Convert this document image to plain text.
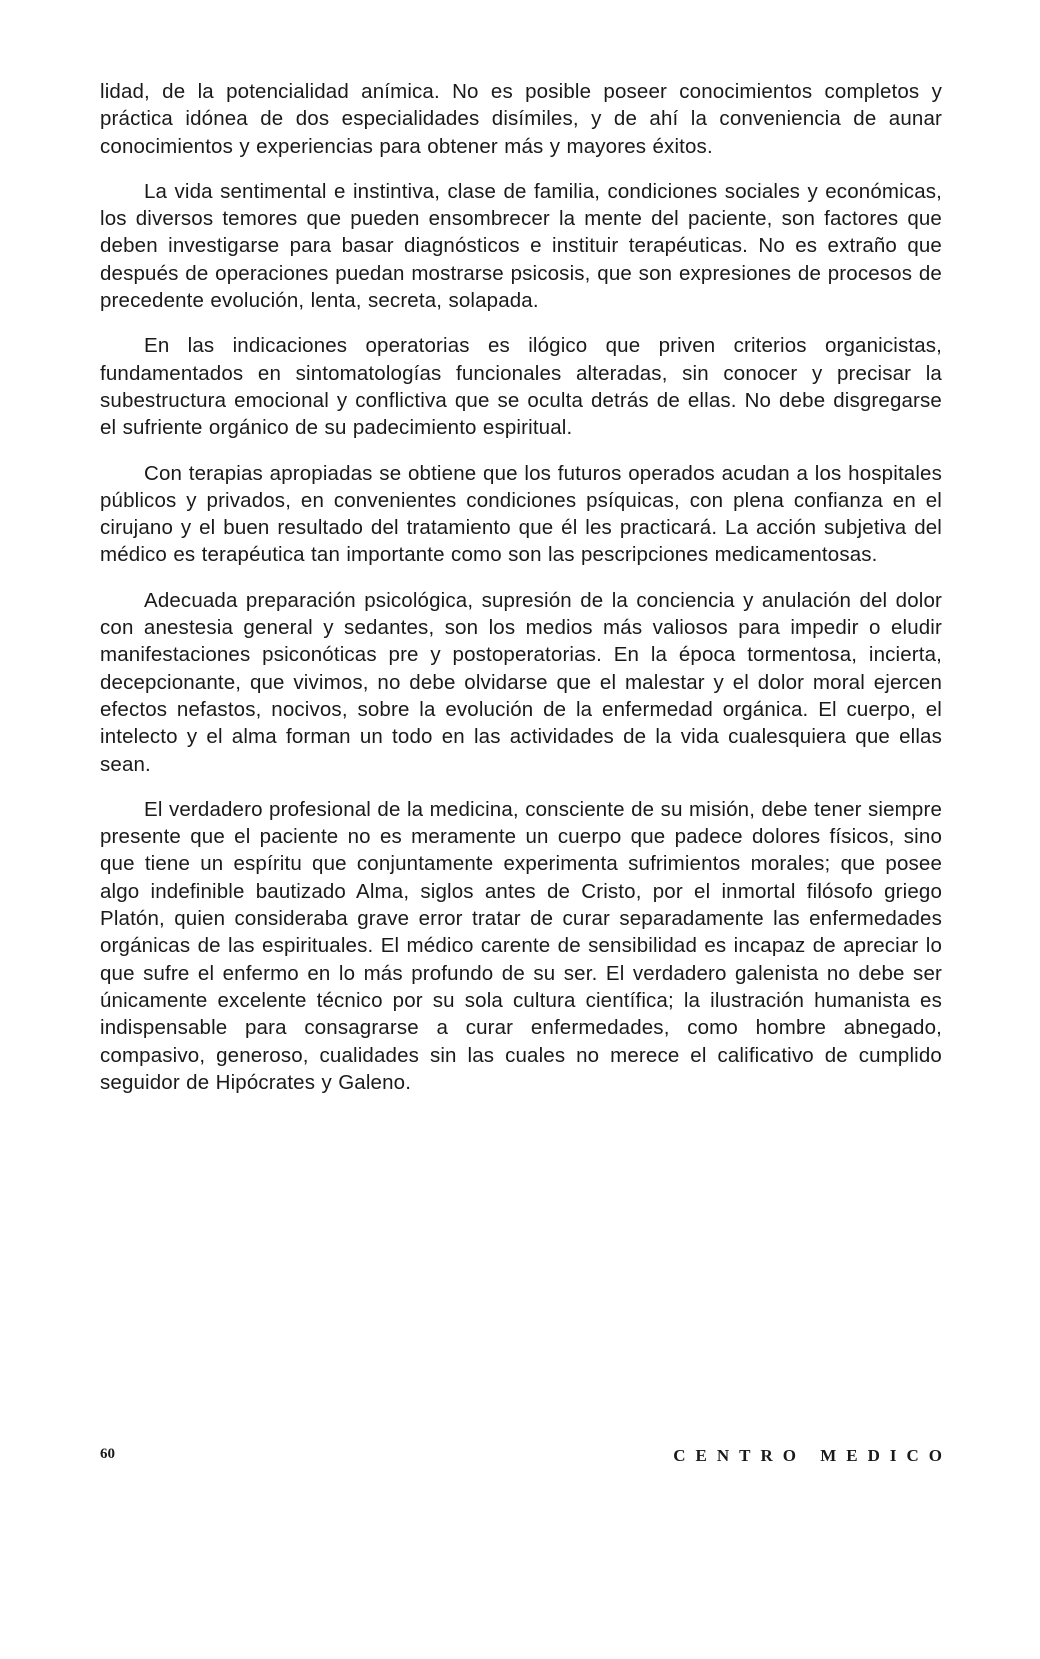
lidad, de la potencialidad anímica. No es posible poseer conocimientos completos y práctica idónea de dos especialidades disímiles, y de ahí la conveniencia de aunar conocimientos y experiencias para obtener más y mayores éxitos.

La vida sentimental e instintiva, clase de familia, condiciones sociales y económicas, los diversos temores que pueden ensombrecer la mente del paciente, son factores que deben investigarse para basar diagnósticos e instituir terapéuticas. No es extraño que después de operaciones puedan mostrarse psicosis, que son expresiones de procesos de precedente evolución, lenta, secreta, solapada.

En las indicaciones operatorias es ilógico que priven criterios organicistas, fundamentados en sintomatologías funcionales alteradas, sin conocer y precisar la subestructura emocional y conflictiva que se oculta detrás de ellas. No debe disgregarse el sufriente orgánico de su padecimiento espiritual.

Con terapias apropiadas se obtiene que los futuros operados acudan a los hospitales públicos y privados, en convenientes condiciones psíquicas, con plena confianza en el cirujano y el buen resultado del tratamiento que él les practicará. La acción subjetiva del médico es terapéutica tan importante como son las pescripciones medicamentosas.

Adecuada preparación psicológica, supresión de la conciencia y anulación del dolor con anestesia general y sedantes, son los medios más valiosos para impedir o eludir manifestaciones psiconóticas pre y postoperatorias. En la época tormentosa, incierta, decepcionante, que vivimos, no debe olvidarse que el malestar y el dolor moral ejercen efectos nefastos, nocivos, sobre la evolución de la enfermedad orgánica. El cuerpo, el intelecto y el alma forman un todo en las actividades de la vida cualesquiera que ellas sean.

El verdadero profesional de la medicina, consciente de su misión, debe tener siempre presente que el paciente no es meramente un cuerpo que padece dolores físicos, sino que tiene un espíritu que conjuntamente experimenta sufrimientos morales; que posee algo indefinible bautizado Alma, siglos antes de Cristo, por el inmortal filósofo griego Platón, quien consideraba grave error tratar de curar separadamente las enfermedades orgánicas de las espirituales. El médico carente de sensibilidad es incapaz de apreciar lo que sufre el enfermo en lo más profundo de su ser. El verdadero galenista no debe ser únicamente excelente técnico por su sola cultura científica; la ilustración humanista es indispensable para consagrarse a curar enfermedades, como hombre abnegado, compasivo, generoso, cualidades sin las cuales no merece el calificativo de cumplido seguidor de Hipócrates y Galeno.

60	CENTRO MEDICO
